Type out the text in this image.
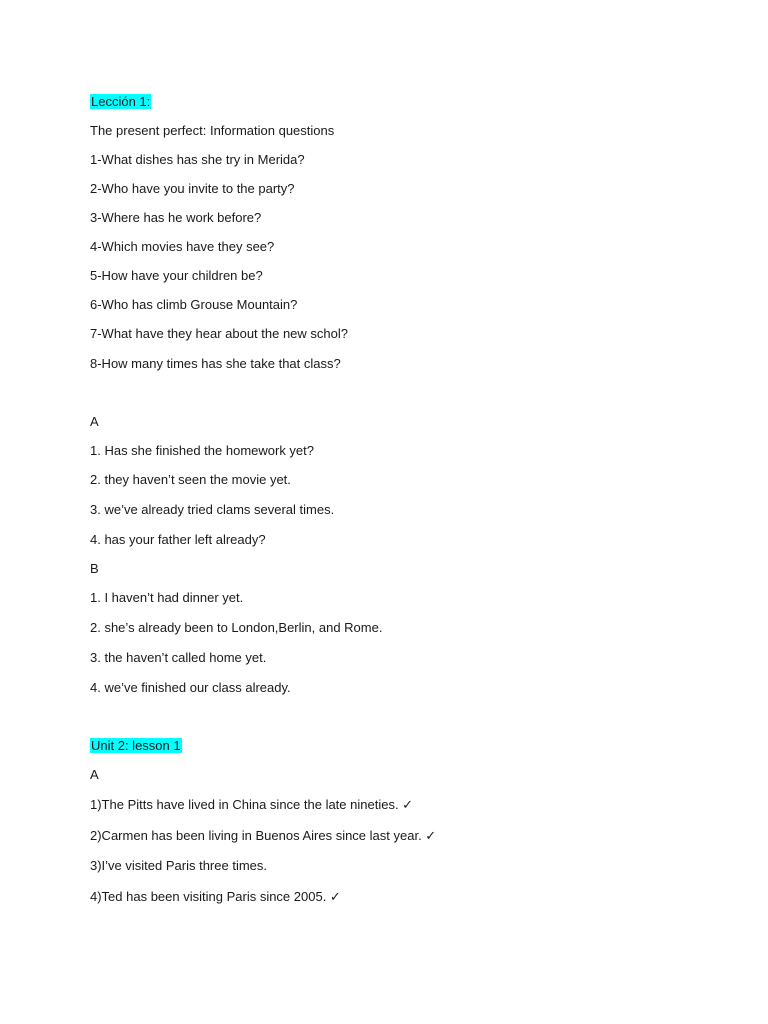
Lección 1:
The present perfect: Information questions
1-What dishes has she try in Merida?
2-Who have you invite to the party?
3-Where has he work before?
4-Which movies have they see?
5-How have your children be?
6-Who has climb Grouse Mountain?
7-What have they hear about the new schol?
8-How many times has she take that class?
A
1. Has she finished the homework yet?
2. they haven’t seen the movie yet.
3. we’ve already tried clams several times.
4. has your father left already?
B
1. I haven’t had dinner yet.
2. she’s already been to London,Berlin, and Rome.
3. the haven’t called home yet.
4. we’ve finished our class already.
Unit 2: lesson 1
A
1)The Pitts have lived in China since the late nineties. ✓
2)Carmen has been living in Buenos Aires since last year. ✓
3)I’ve visited Paris three times.
4)Ted has been visiting Paris since 2005. ✓
